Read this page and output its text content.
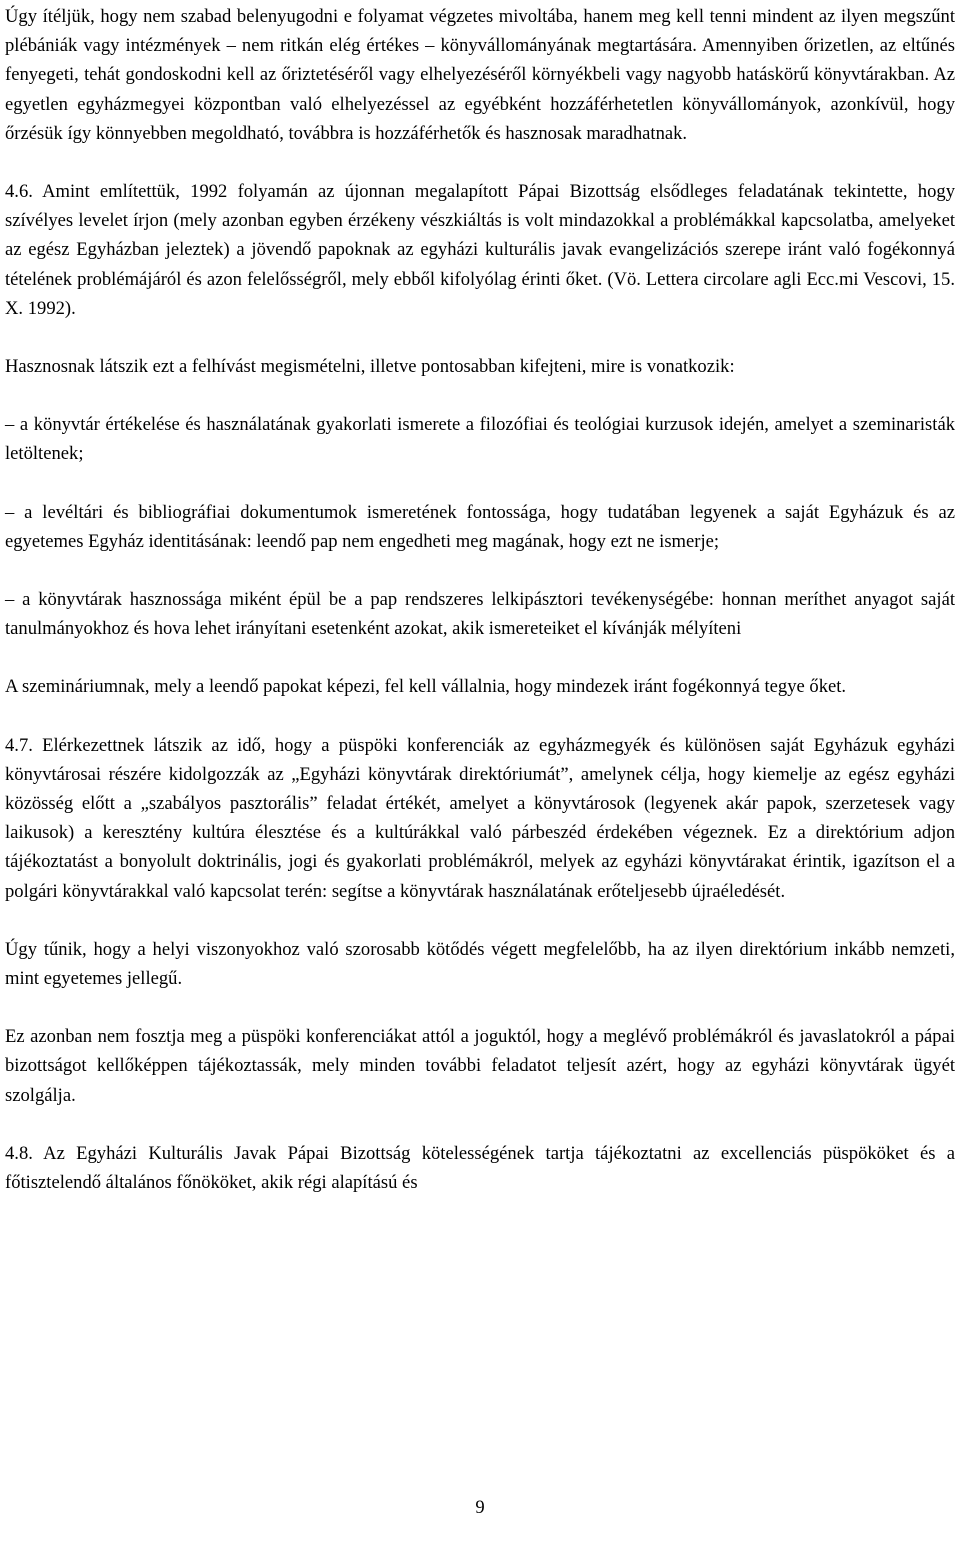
Úgy ítéljük, hogy nem szabad belenyugodni e folyamat végzetes mivoltába, hanem meg kell tenni mindent az ilyen megszűnt plébániák vagy intézmények – nem ritkán elég értékes – könyvállományának megtartására. Amennyiben őrizetlen, az eltűnés fenyegeti, tehát gondoskodni kell az őriztetéséről vagy elhelyezéséről környékbeli vagy nagyobb hatáskörű könyvtárakban. Az egyetlen egyházmegyei központban való elhelyezéssel az egyébként hozzáférhetetlen könyvállományok, azonkívül, hogy őrzésük így könnyebben megoldható, továbbra is hozzáférhetők és hasznosak maradhatnak.

4.6. Amint említettük, 1992 folyamán az újonnan megalapított Pápai Bizottság elsődleges feladatának tekintette, hogy szívélyes levelet írjon (mely azonban egyben érzékeny vészkiáltás is volt mindazokkal a problémákkal kapcsolatba, amelyeket az egész Egyházban jeleztek) a jövendő papoknak az egyházi kulturális javak evangelizációs szerepe iránt való fogékonnyá tételének problémájáról és azon felelősségről, mely ebből kifolyólag érinti őket. (Vö. Lettera circolare agli Ecc.mi Vescovi, 15. X. 1992).

Hasznosnak látszik ezt a felhívást megismételni, illetve pontosabban kifejteni, mire is vonatkozik:

– a könyvtár értékelése és használatának gyakorlati ismerete a filozófiai és teológiai kurzusok idején, amelyet a szeminaristák letöltenek;

– a levéltári és bibliográfiai dokumentumok ismeretének fontossága, hogy tudatában legyenek a saját Egyházuk és az egyetemes Egyház identitásának: leendő pap nem engedheti meg magának, hogy ezt ne ismerje;

– a könyvtárak hasznossága miként épül be a pap rendszeres lelkipásztori tevékenységébe: honnan meríthet anyagot saját tanulmányokhoz és hova lehet irányítani esetenként azokat, akik ismereteiket el kívánják mélyíteni

A szemináriumnak, mely a leendő papokat képezi, fel kell vállalnia, hogy mindezek iránt fogékonnyá tegye őket.

4.7. Elérkezettnek látszik az idő, hogy a püspöki konferenciák az egyházmegyék és különösen saját Egyházuk egyházi könyvtárosai részére kidolgozzák az „Egyházi könyvtárak direktóriumát”, amelynek célja, hogy kiemelje az egész egyházi közösség előtt a „szabályos pasztorális” feladat értékét, amelyet a könyvtárosok (legyenek akár papok, szerzetesek vagy laikusok) a keresztény kultúra élesztése és a kultúrákkal való párbeszéd érdekében végeznek. Ez a direktórium adjon tájékoztatást a bonyolult doktrinális, jogi és gyakorlati problémákról, melyek az egyházi könyvtárakat érintik, igazítson el a polgári könyvtárakkal való kapcsolat terén: segítse a könyvtárak használatának erőteljesebb újraéledését.

Úgy tűnik, hogy a helyi viszonyokhoz való szorosabb kötődés végett megfelelőbb, ha az ilyen direktórium inkább nemzeti, mint egyetemes jellegű.

Ez azonban nem fosztja meg a püspöki konferenciákat attól a joguktól, hogy a meglévő problémákról és javaslatokról a pápai bizottságot kellőképpen tájékoztassák, mely minden további feladatot teljesít azért, hogy az egyházi könyvtárak ügyét szolgálja.

4.8. Az Egyházi Kulturális Javak Pápai Bizottság kötelességének tartja tájékoztatni az excellenciás püspököket és a főtisztelendő általános főnököket, akik régi alapítású és

9
